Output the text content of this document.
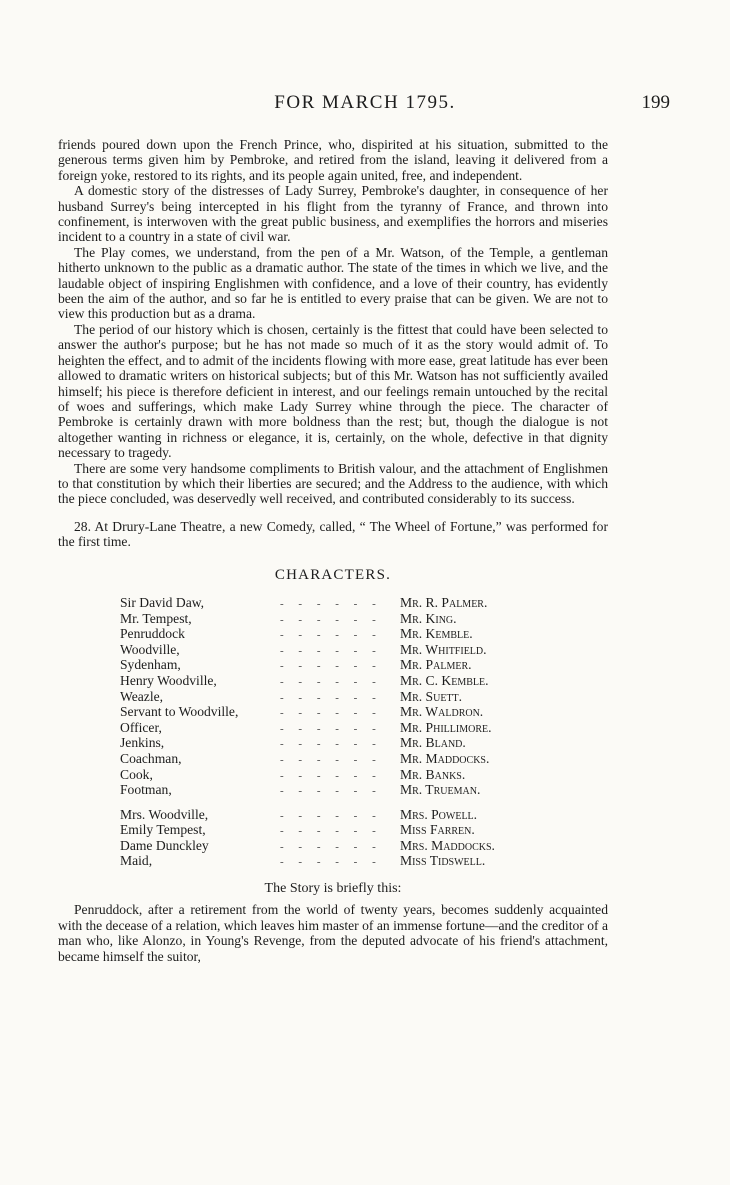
FOR MARCH 1795.	199

friends poured down upon the French Prince, who, dispirited at his situation, submitted to the generous terms given him by Pembroke, and retired from the island, leaving it delivered from a foreign yoke, restored to its rights, and its people again united, free, and independent.

A domestic story of the distresses of Lady Surrey, Pembroke's daughter, in consequence of her husband Surrey's being intercepted in his flight from the tyranny of France, and thrown into confinement, is interwoven with the great public business, and exemplifies the horrors and miseries incident to a country in a state of civil war.

The Play comes, we understand, from the pen of a Mr. Watson, of the Temple, a gentleman hitherto unknown to the public as a dramatic author. The state of the times in which we live, and the laudable object of inspiring Englishmen with confidence, and a love of their country, has evidently been the aim of the author, and so far he is entitled to every praise that can be given. We are not to view this production but as a drama.

The period of our history which is chosen, certainly is the fittest that could have been selected to answer the author's purpose; but he has not made so much of it as the story would admit of. To heighten the effect, and to admit of the incidents flowing with more ease, great latitude has ever been allowed to dramatic writers on historical subjects; but of this Mr. Watson has not sufficiently availed himself; his piece is therefore deficient in interest, and our feelings remain untouched by the recital of woes and sufferings, which make Lady Surrey whine through the piece. The character of Pembroke is certainly drawn with more boldness than the rest; but, though the dialogue is not altogether wanting in richness or elegance, it is, certainly, on the whole, defective in that dignity necessary to tragedy.

There are some very handsome compliments to British valour, and the attachment of Englishmen to that constitution by which their liberties are secured; and the Address to the audience, with which the piece concluded, was deservedly well received, and contributed considerably to its success.

28. At Drury-Lane Theatre, a new Comedy, called, “ The Wheel of Fortune,” was performed for the first time.

CHARACTERS.
Sir David Daw,	- - - - - -	Mr. R. Palmer.
Mr. Tempest,	- - - - - -	Mr. King.
Penruddock	- - - - - -	Mr. Kemble.
Woodville,	- - - - - -	Mr. Whitfield.
Sydenham,	- - - - - -	Mr. Palmer.
Henry Woodville,	- - - - - -	Mr. C. Kemble.
Weazle,	- - - - - -	Mr. Suett.
Servant to Woodville,	- - - - - -	Mr. Waldron.
Officer,	- - - - - -	Mr. Phillimore.
Jenkins,	- - - - - -	Mr. Bland.
Coachman,	- - - - - -	Mr. Maddocks.
Cook,	- - - - - -	Mr. Banks.
Footman,	- - - - - -	Mr. Trueman.
Mrs. Woodville,	- - - - - -	Mrs. Powell.
Emily Tempest,	- - - - - -	Miss Farren.
Dame Dunckley	- - - - - -	Mrs. Maddocks.
Maid,	- - - - - -	Miss Tidswell.
The Story is briefly this:

Penruddock, after a retirement from the world of twenty years, becomes suddenly acquainted with the decease of a relation, which leaves him master of an immense fortune—and the creditor of a man who, like Alonzo, in Young's Revenge, from the deputed advocate of his friend's attachment, became himself the suitor,
